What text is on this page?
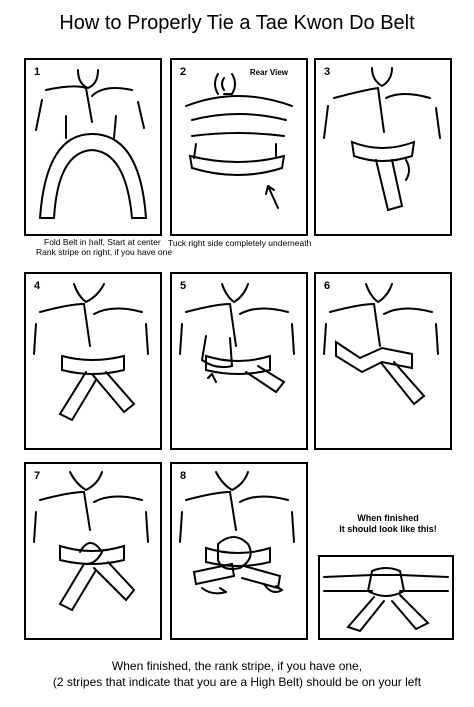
How to Properly Tie a Tae Kwon Do Belt
1	2	Rear View	3
Fold Belt in half, Start at center
Rank stripe on right, if you have one
Tuck right side completely underneath
4	5	6
7	8
When finished
It should look like this!
When finished, the rank stripe, if you have one,
(2 stripes that indicate that you are a High Belt) should be on your left
